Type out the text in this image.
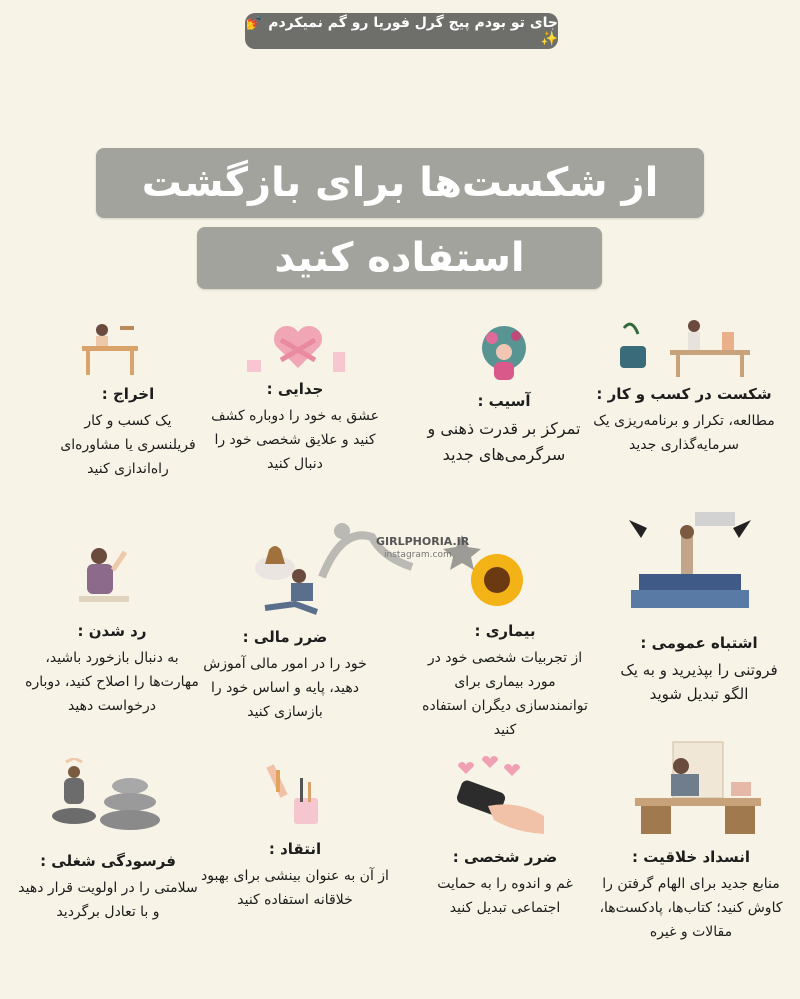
جای تو بودم پیج گرل فوریا رو گم نمیکردم 💅✨
از شکست‌ها برای بازگشت
استفاده کنید
GIRLPHORIA.IR
instagram.com
شکست در کسب و کار :
مطالعه، تکرار و برنامه‌ریزی یک سرمایه‌گذاری جدید
آسیب :
تمرکز بر قدرت ذهنی و سرگرمی‌های جدید
جدایی :
عشق به خود را دوباره کشف کنید و علایق شخصی خود را دنبال کنید
اخراج :
یک کسب و کار فریلنسری یا مشاوره‌ای راه‌اندازی کنید
اشتباه عمومی :
فروتنی را بپذیرید و به یک الگو تبدیل شوید
بیماری :
از تجربیات شخصی خود در مورد بیماری برای توانمندسازی دیگران استفاده کنید
ضرر مالی :
خود را در امور مالی آموزش دهید، پایه و اساس خود را بازسازی کنید
رد شدن :
به دنبال بازخورد باشید، مهارت‌ها را اصلاح کنید، دوباره درخواست دهید
انسداد خلاقیت :
منابع جدید برای الهام گرفتن را کاوش کنید؛ کتاب‌ها، پادکست‌ها، مقالات و غیره
ضرر شخصی :
غم و اندوه را به حمایت اجتماعی تبدیل کنید
انتقاد :
از آن به عنوان بینشی برای بهبود خلاقانه استفاده کنید
فرسودگی شغلی :
سلامتی را در اولویت قرار دهید و با تعادل برگردید
